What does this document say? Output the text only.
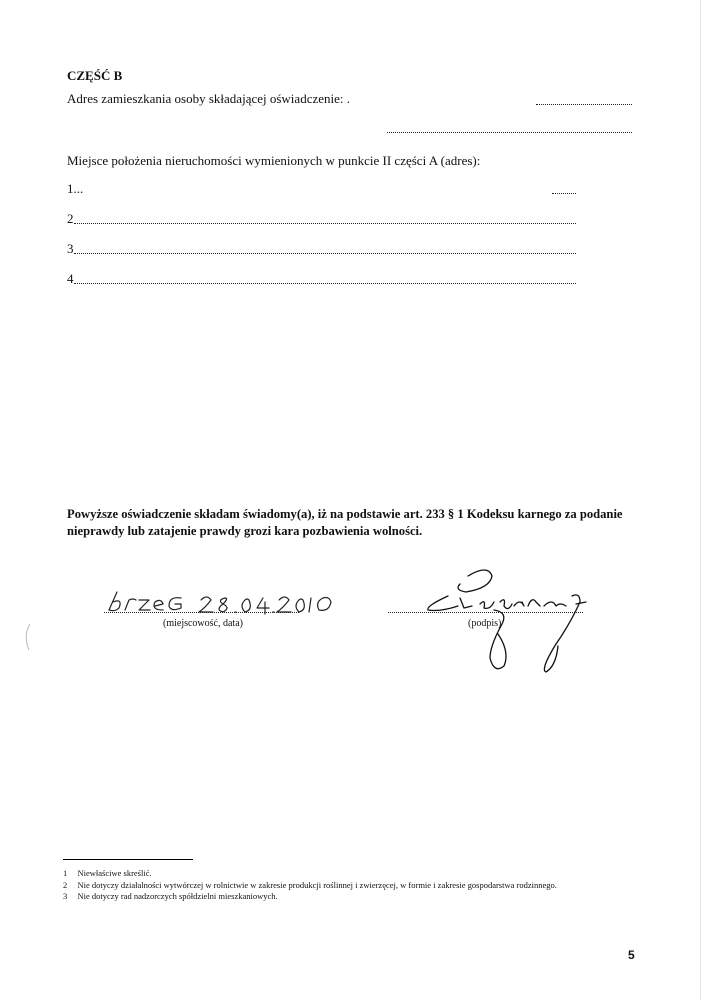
CZĘŚĆ B
Adres zamieszkania osoby składającej oświadczenie: .
Miejsce położenia nieruchomości wymienionych w punkcie II części A (adres):
1...
2
3
4
Powyższe oświadczenie składam świadomy(a), iż na podstawie art. 233 § 1 Kodeksu karnego za podanie
nieprawdy lub zatajenie prawdy grozi kara pozbawienia wolności.
(miejscowość, data)	(podpis)
1 Niewłaściwe skreślić.
2 Nie dotyczy działalności wytwórczej w rolnictwie w zakresie produkcji roślinnej i zwierzęcej, w formie i zakresie gospodarstwa rodzinnego.
3 Nie dotyczy rad nadzorczych spółdzielni mieszkaniowych.
5
